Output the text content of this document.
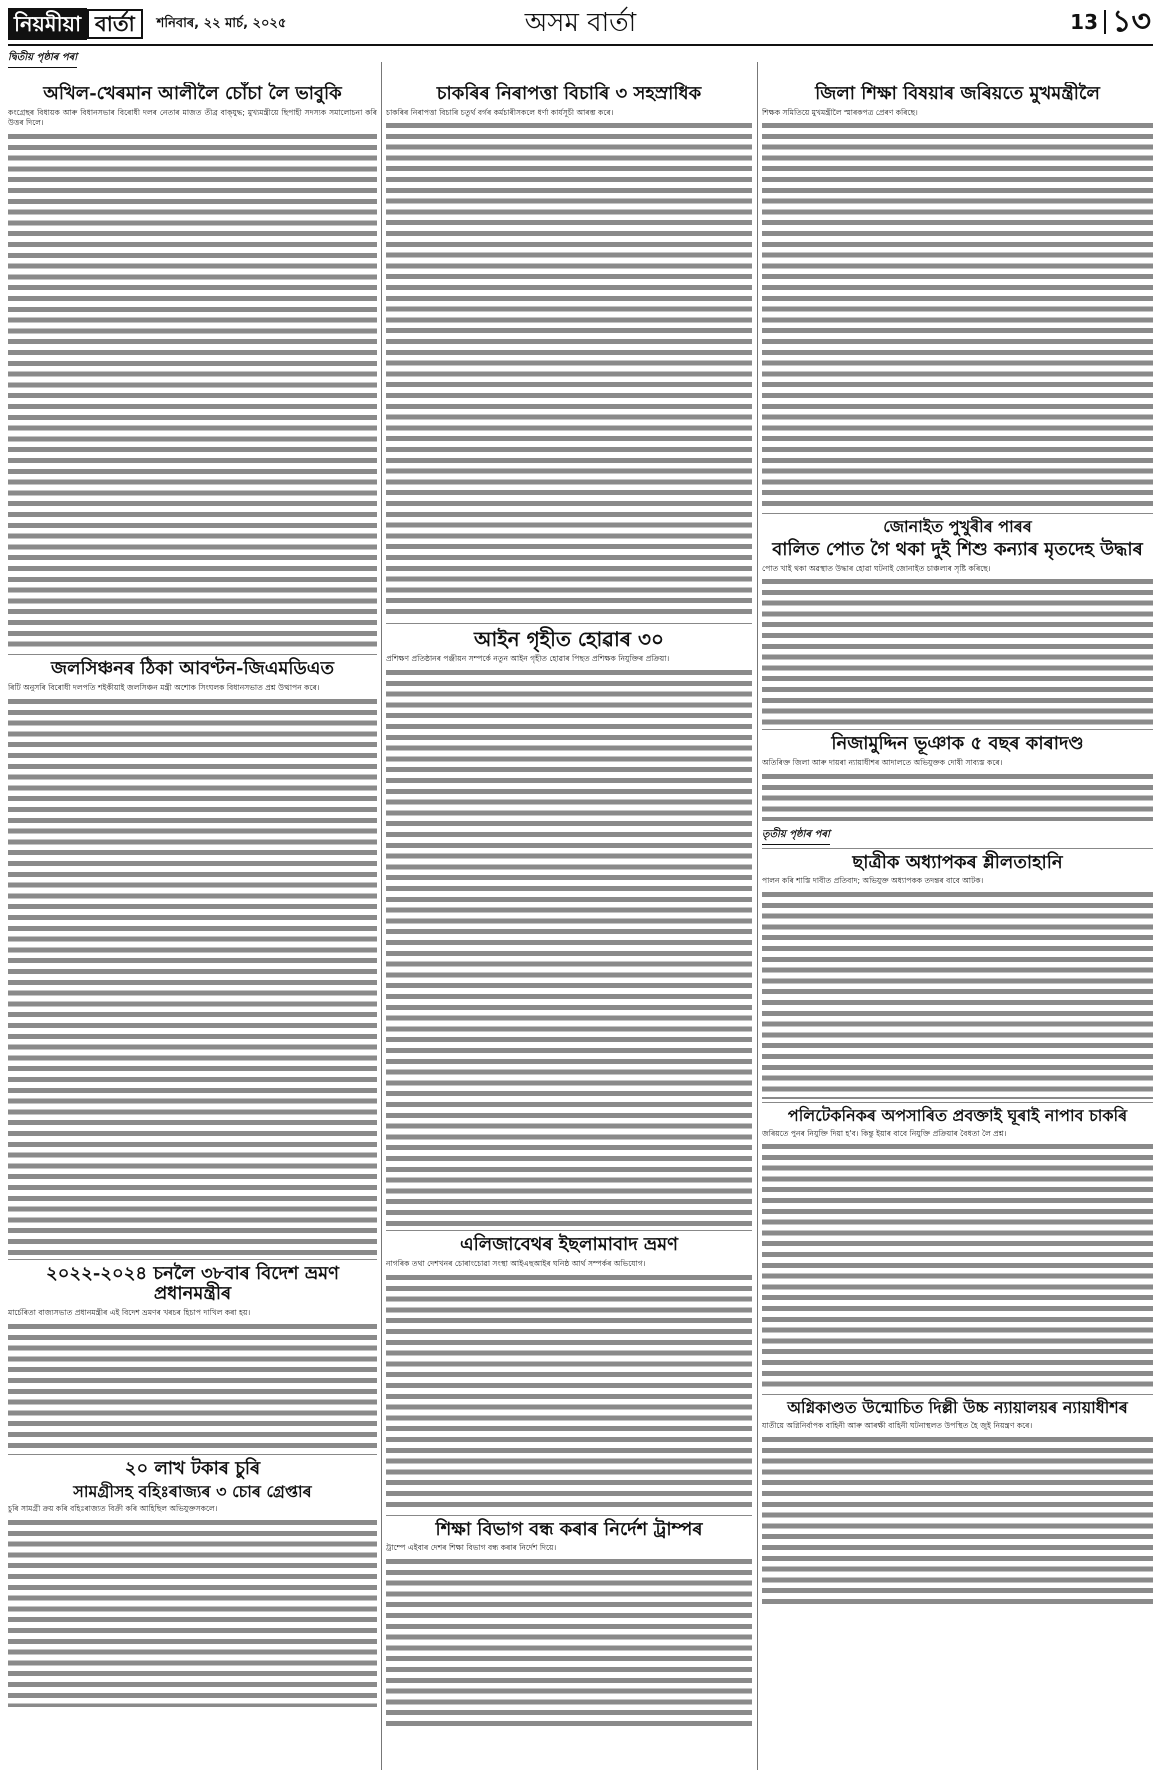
নিয়মীয়া বাৰ্তা	শনিবাৰ, ২২ মাৰ্চ, ২০২৫	অসম বাৰ্তা	13 ১৩
দ্বিতীয় পৃষ্ঠাৰ পৰা
অখিল-খেৰমান আলীলৈ চোঁচা লৈ ভাবুকি

কংগ্ৰেছৰ বিধায়ক আৰু বিধানসভাৰ বিৰোধী দলৰ নেতাৰ মাজত তীব্ৰ বাক্‌যুদ্ধ; মুখ্যমন্ত্ৰীয়ে ছিপাহী সদস্যক সমালোচনা কৰি উত্তৰ দিলে।

জলসিঞ্চনৰ ঠিকা আবণ্টন-জিএমডিএত

ৰিটি অনুসৰি বিৰোধী দলপতি শইকীয়াই জলসিঞ্চন মন্ত্ৰী অশোক সিংঘলক বিধানসভাত প্ৰশ্ন উত্থাপন কৰে।

২০২২-২০২৪ চনলৈ ৩৮বাৰ বিদেশ ভ্ৰমণ প্ৰধানমন্ত্ৰীৰ

মাৰ্চেৰিতা বাজ্যসভাত প্ৰধানমন্ত্ৰীৰ এই বিদেশ ভ্ৰমণৰ খৰচৰ হিচাপ দাখিল কৰা হয়।

২০ লাখ টকাৰ চুৰি
সামগ্ৰীসহ বহিঃৰাজ্যৰ ৩ চোৰ গ্ৰেপ্তাৰ

চুৰি সামগ্ৰী ক্ৰয় কৰি বহিঃৰাজ্যত বিক্ৰী কৰি আহিছিল অভিযুক্তসকলে।

চাকৰিৰ নিৰাপত্তা বিচাৰি ৩ সহস্ৰাধিক

চাকৰিৰ নিৰাপত্তা বিচাৰি চতুৰ্থ বৰ্গৰ কৰ্মচাৰীসকলে ধৰ্ণা কাৰ্যসূচী আৰম্ভ কৰে।

আইন গৃহীত হোৱাৰ ৩০

প্ৰশিক্ষণ প্ৰতিষ্ঠানৰ পঞ্জীয়ন সম্পৰ্কে নতুন আইন গৃহীত হোৱাৰ পিছত প্ৰশিক্ষক নিযুক্তিৰ প্ৰক্ৰিয়া।

এলিজাবেথৰ ইছলামাবাদ ভ্ৰমণ

নাগৰিক তথা দেশখনৰ চোৰাংচোৱা সংস্থা আইএছআইৰ ঘনিষ্ঠ আৰ্থ সম্পৰ্কৰ অভিযোগ।

শিক্ষা বিভাগ বন্ধ কৰাৰ নিৰ্দেশ ট্ৰাম্পৰ

ট্ৰাম্পে এইবাৰ দেশৰ শিক্ষা বিভাগ বন্ধ কৰাৰ নিৰ্দেশ দিয়ে।

জিলা শিক্ষা বিষয়াৰ জৰিয়তে মুখমন্ত্ৰীলৈ

শিক্ষক সমিতিয়ে মুখমন্ত্ৰীলৈ স্মাৰকপত্ৰ প্ৰেৰণ কৰিছে।

জোনাইত পুখুৰীৰ পাৰৰ
বালিত পোত গৈ থকা দুই শিশু কন্যাৰ মৃতদেহ উদ্ধাৰ

পোত খাই থকা অৱস্থাত উদ্ধাৰ হোৱা ঘটনাই জোনাইত চাঞ্চল্যৰ সৃষ্টি কৰিছে।

নিজামুদ্দিন ভূঞাক ৫ বছৰ কাৰাদণ্ড

অতিৰিক্ত জিলা আৰু দায়ৰা ন্যায়াধীশৰ আদালতে অভিযুক্তক দোষী সাব্যস্ত কৰে।

তৃতীয় পৃষ্ঠাৰ পৰা
ছাত্ৰীক অধ্যাপকৰ শ্লীলতাহানি

পালন কৰি শাস্তি দাবীত প্ৰতিবাদ; অভিযুক্ত অধ্যাপকক তদন্তৰ বাবে আটক।

পলিটেকনিকৰ অপসাৰিত প্ৰবক্তাই ঘূৰাই নাপাব চাকৰি

জৰিয়তে পুনৰ নিযুক্তি দিয়া হ'ব। কিন্তু ইয়াৰ বাবে নিযুক্তি প্ৰক্ৰিয়াৰ বৈধতা লৈ প্ৰশ্ন।

অগ্নিকাণ্ডত উন্মোচিত দিল্লী উচ্চ ন্যায়ালয়ৰ ন্যায়াধীশৰ

যাতীয়ে অগ্নিনিৰ্বাপক বাহিনী আৰু আৰক্ষী বাহিনী ঘটনাস্থলত উপস্থিত হৈ জুই নিয়ন্ত্ৰণ কৰে।
